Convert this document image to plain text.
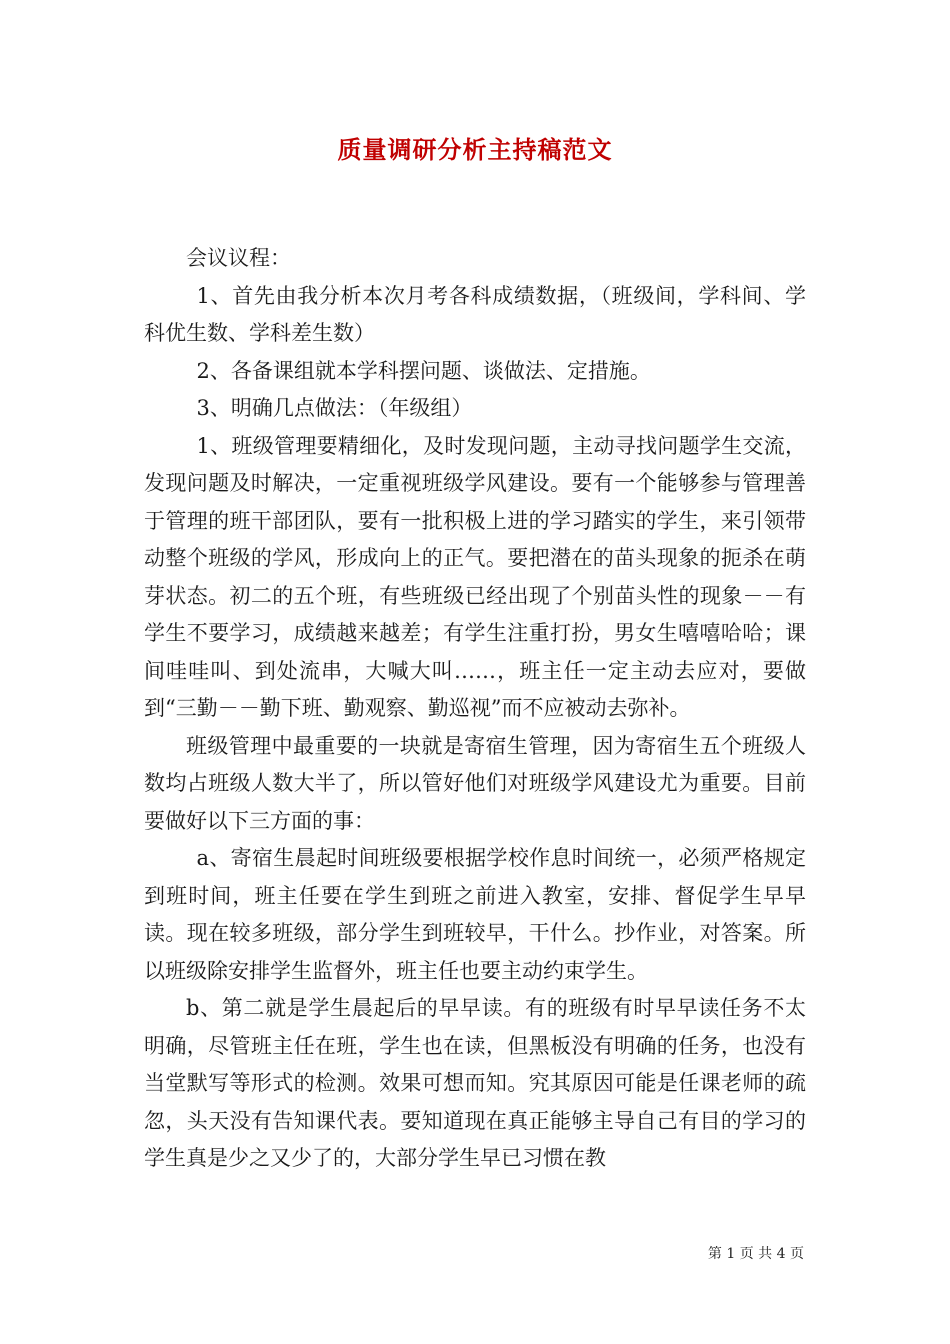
质量调研分析主持稿范文

会议议程：

1、首先由我分析本次月考各科成绩数据，（班级间，学科间、学科优生数、学科差生数）

2、各备课组就本学科摆问题、谈做法、定措施。

3、明确几点做法：（年级组）

1、班级管理要精细化，及时发现问题，主动寻找问题学生交流，发现问题及时解决，一定重视班级学风建设。要有一个能够参与管理善于管理的班干部团队，要有一批积极上进的学习踏实的学生，来引领带动整个班级的学风，形成向上的正气。要把潜在的苗头现象的扼杀在萌芽状态。初二的五个班，有些班级已经出现了个别苗头性的现象－－有学生不要学习，成绩越来越差；有学生注重打扮，男女生嘻嘻哈哈；课间哇哇叫、到处流串，大喊大叫……，班主任一定主动去应对，要做到“三勤－－勤下班、勤观察、勤巡视”而不应被动去弥补。

班级管理中最重要的一块就是寄宿生管理，因为寄宿生五个班级人数均占班级人数大半了，所以管好他们对班级学风建设尤为重要。目前要做好以下三方面的事：

a、寄宿生晨起时间班级要根据学校作息时间统一，必须严格规定到班时间，班主任要在学生到班之前进入教室，安排、督促学生早早读。现在较多班级，部分学生到班较早，干什么。抄作业，对答案。所以班级除安排学生监督外，班主任也要主动约束学生。

b、第二就是学生晨起后的早早读。有的班级有时早早读任务不太明确，尽管班主任在班，学生也在读，但黑板没有明确的任务，也没有当堂默写等形式的检测。效果可想而知。究其原因可能是任课老师的疏忽，头天没有告知课代表。要知道现在真正能够主导自己有目的学习的学生真是少之又少了的，大部分学生早已习惯在教

第 1 页 共 4 页
